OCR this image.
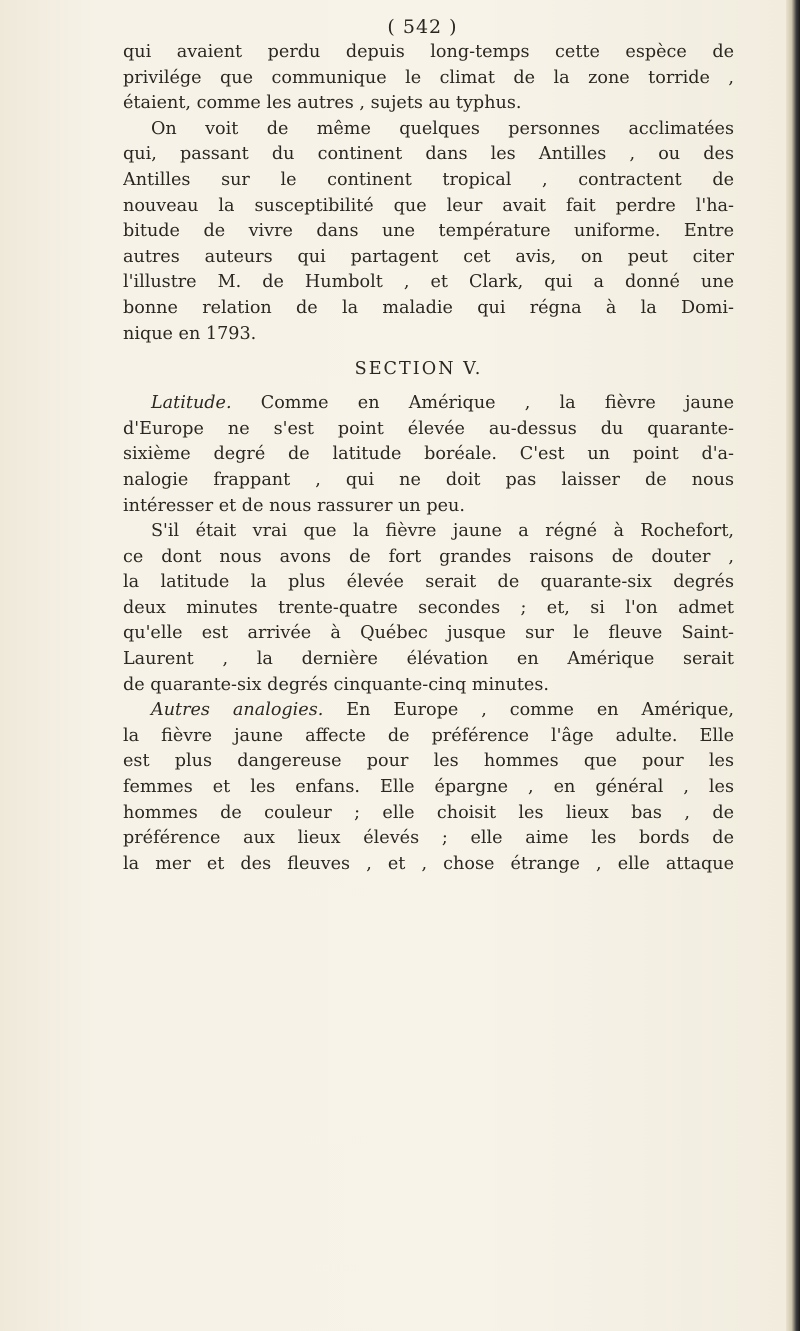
( 542 )

qui avaient perdu depuis long-temps cette espèce de
privilége que communique le climat de la zone torride ,
étaient, comme les autres , sujets au typhus.

On voit de même quelques personnes acclimatées
qui, passant du continent dans les Antilles , ou des
Antilles sur le continent tropical , contractent de
nouveau la susceptibilité que leur avait fait perdre l'ha-
bitude de vivre dans une température uniforme. Entre
autres auteurs qui partagent cet avis, on peut citer
l'illustre M. de Humbolt , et Clark, qui a donné une
bonne relation de la maladie qui régna à la Domi-
nique en 1793.

SECTION V.

Latitude. Comme en Amérique , la fièvre jaune
d'Europe ne s'est point élevée au-dessus du quarante-
sixième degré de latitude boréale. C'est un point d'a-
nalogie frappant , qui ne doit pas laisser de nous
intéresser et de nous rassurer un peu.

S'il était vrai que la fièvre jaune a régné à Rochefort,
ce dont nous avons de fort grandes raisons de douter ,
la latitude la plus élevée serait de quarante-six degrés
deux minutes trente-quatre secondes ; et, si l'on admet
qu'elle est arrivée à Québec jusque sur le fleuve Saint-
Laurent , la dernière élévation en Amérique serait
de quarante-six degrés cinquante-cinq minutes.

Autres analogies. En Europe , comme en Amérique,
la fièvre jaune affecte de préférence l'âge adulte. Elle
est plus dangereuse pour les hommes que pour les
femmes et les enfans. Elle épargne , en général , les
hommes de couleur ; elle choisit les lieux bas , de
préférence aux lieux élevés ; elle aime les bords de
la mer et des fleuves , et , chose étrange , elle attaque
